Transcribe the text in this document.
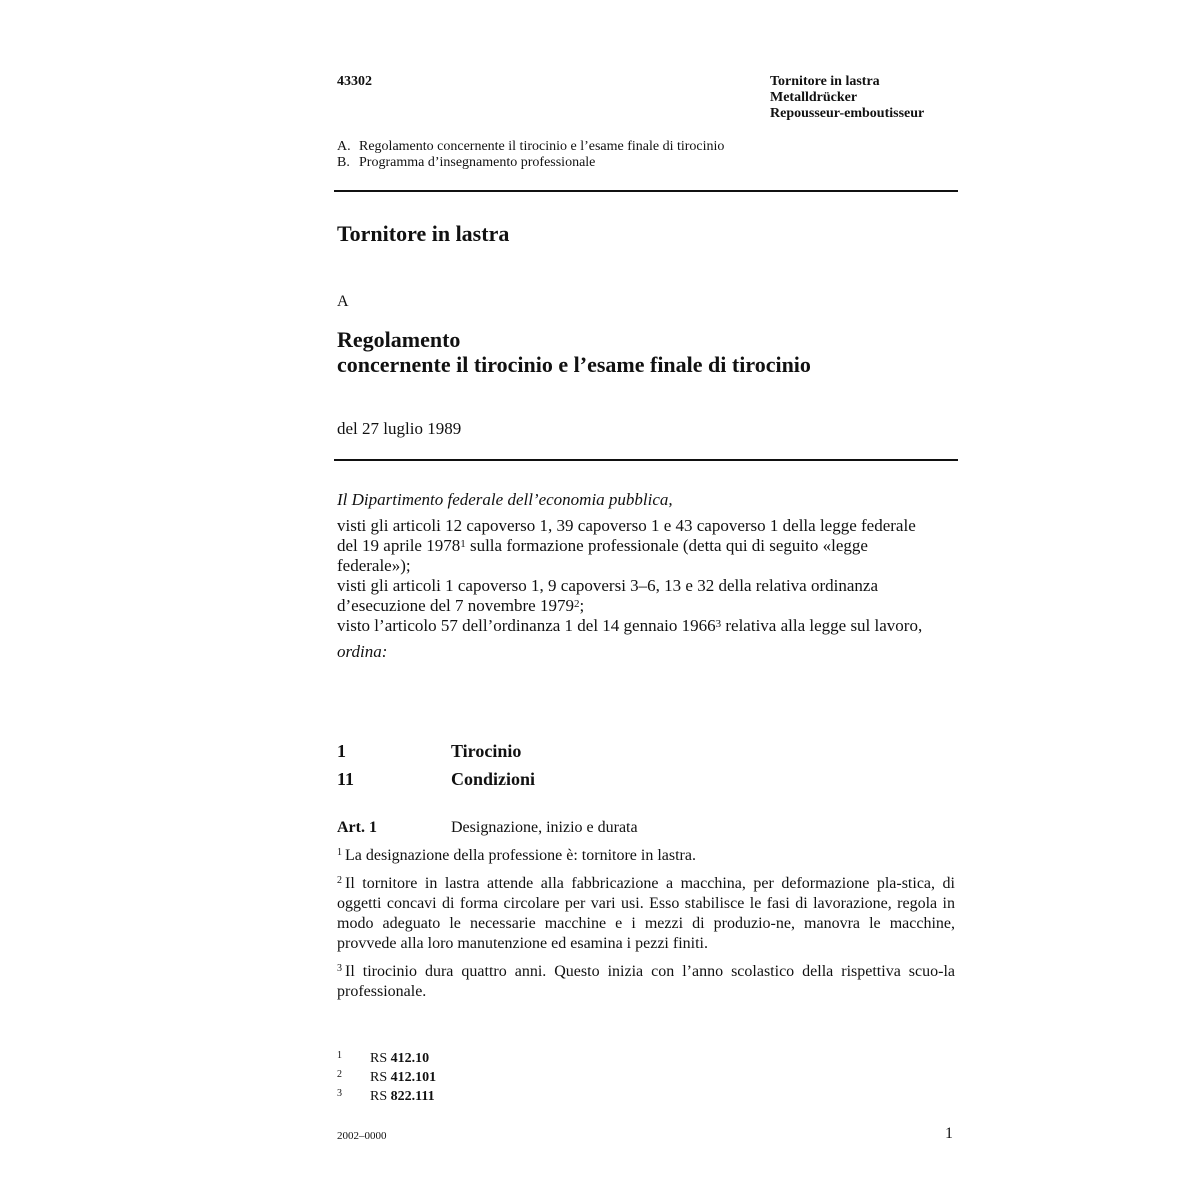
43302	Tornitore in lastra
Metalldrücker
Repousseur-emboutisseur
A. Regolamento concernente il tirocinio e l’esame finale di tirocinio
B. Programma d’insegnamento professionale
Tornitore in lastra
A
Regolamento
concernente il tirocinio e l’esame finale di tirocinio
del 27 luglio 1989

Il Dipartimento federale dell’economia pubblica,

visti gli articoli 12 capoverso 1, 39 capoverso 1 e 43 capoverso 1 della legge federale del 19 aprile 1978$^1$ sulla formazione professionale (detta qui di seguito «legge federale»);

visti gli articoli 1 capoverso 1, 9 capoversi 3–6, 13 e 32 della relativa ordinanza d’esecuzione del 7 novembre 1979$^2$;

visto l’articolo 57 dell’ordinanza 1 del 14 gennaio 1966$^3$ relativa alla legge sul lavoro,

ordina:

1	Tirocinio
11	Condizioni
Art. 1	Designazione, inizio e durata

$^1$ La designazione della professione è: tornitore in lastra.

$^2$ Il tornitore in lastra attende alla fabbricazione a macchina, per deformazione pla-stica, di oggetti concavi di forma circolare per vari usi. Esso stabilisce le fasi di lavorazione, regola in modo adeguato le necessarie macchine e i mezzi di produzio-ne, manovra le macchine, provvede alla loro manutenzione ed esamina i pezzi finiti.

$^3$ Il tirocinio dura quattro anni. Questo inizia con l’anno scolastico della rispettiva scuo-la professionale.

1 RS 412.10
2 RS 412.101
3 RS 822.111
2002–0000	1
